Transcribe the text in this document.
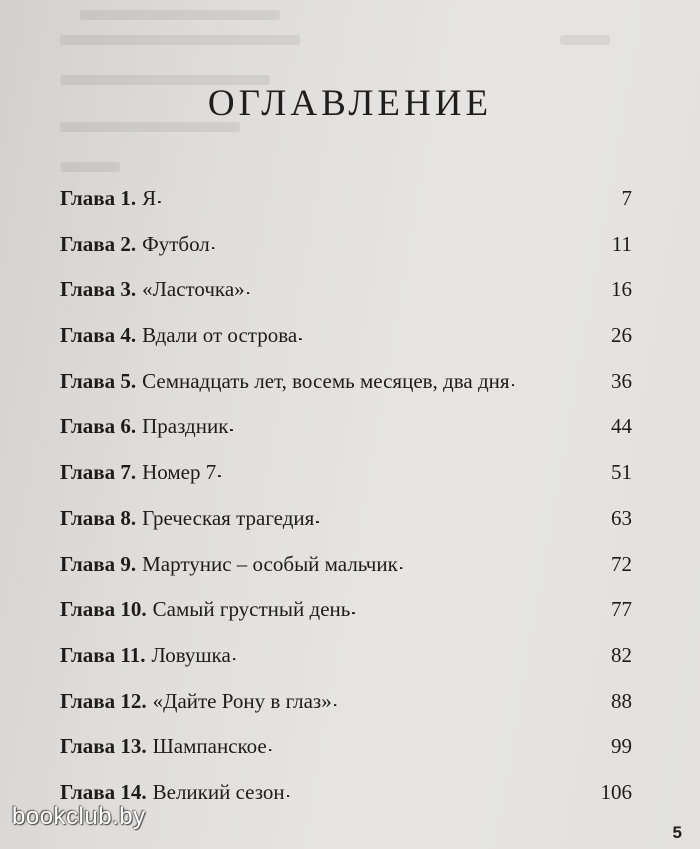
ОГЛАВЛЕНИЕ
Глава 1. Я . . .	7
Глава 2. Футбол . . .	11
Глава 3. «Ласточка» . . .	16
Глава 4. Вдали от острова . . .	26
Глава 5. Семнадцать лет, восемь месяцев, два дня . . .	36
Глава 6. Праздник . . .	44
Глава 7. Номер 7 . . .	51
Глава 8. Греческая трагедия . . .	63
Глава 9. Мартунис – особый мальчик . . .	72
Глава 10. Самый грустный день . . .	77
Глава 11. Ловушка . . .	82
Глава 12. «Дайте Рону в глаз» . . .	88
Глава 13. Шампанское . . .	99
Глава 14. Великий сезон . . .	106
bookclub.by
5
